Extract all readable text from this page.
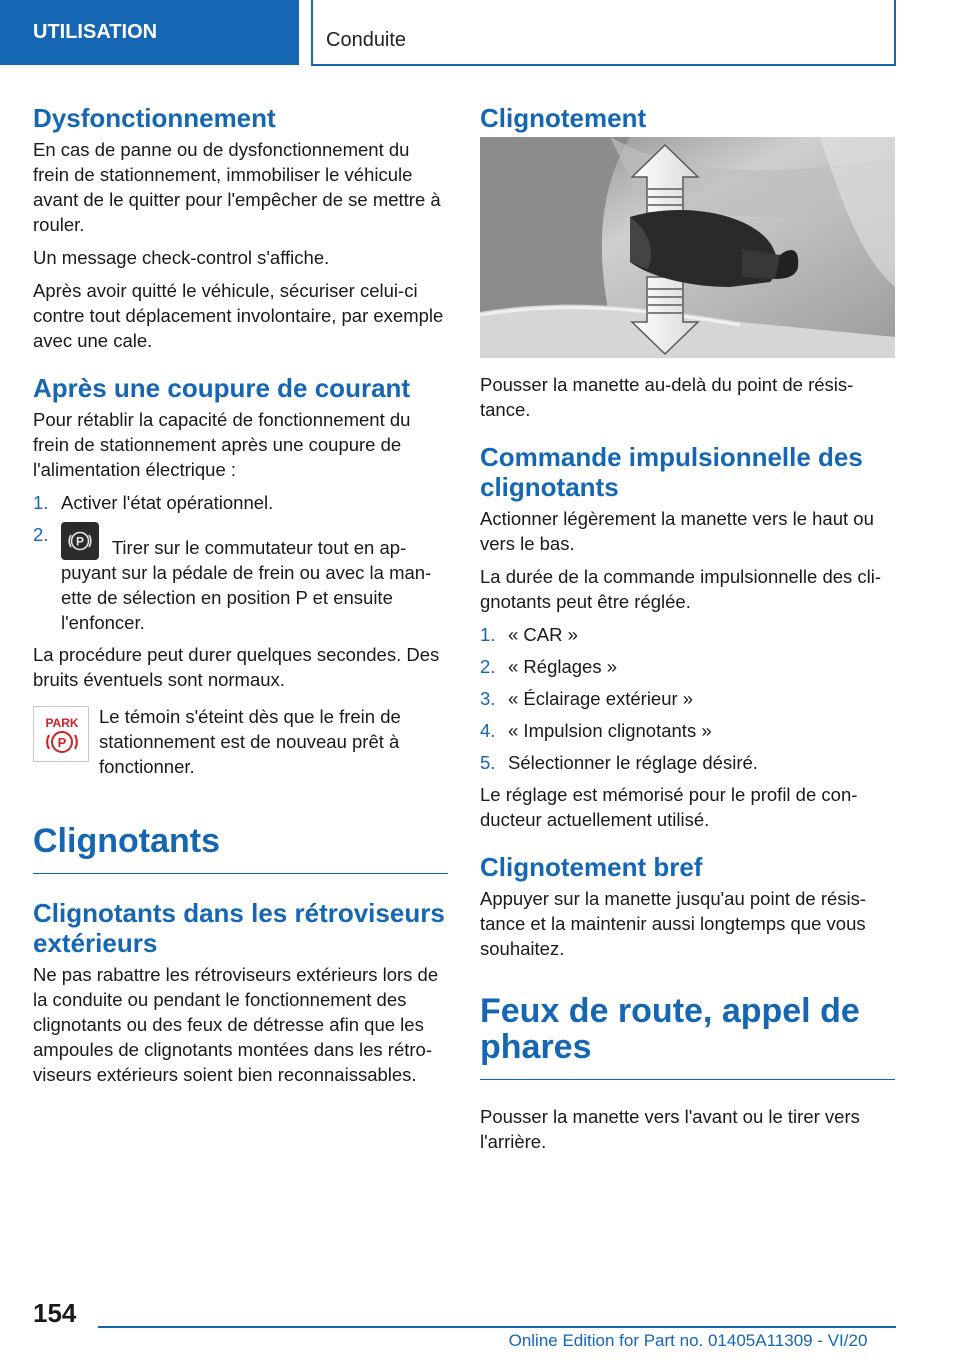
UTILISATION	Conduite
Dysfonctionnement

En cas de panne ou de dysfonctionnement du frein de stationnement, immobiliser le véhicule avant de le quitter pour l'empêcher de se mettre à rouler.

Un message check-control s'affiche.

Après avoir quitté le véhicule, sécuriser celui-ci contre tout déplacement involontaire, par exemple avec une cale.

Après une coupure de courant

Pour rétablir la capacité de fonctionnement du frein de stationnement après une coupure de l'alimentation électrique :

1. Activer l'état opérationnel.
2. P Tirer sur le commutateur tout en appuyant sur la pédale de frein ou avec la manette de sélection en position P et ensuite l'enfoncer.

La procédure peut durer quelques secondes. Des bruits éventuels sont normaux.

PARK
P

Le témoin s'éteint dès que le frein de stationnement est de nouveau prêt à fonctionner.

Clignotants
Clignotants dans les rétroviseurs extérieurs

Ne pas rabattre les rétroviseurs extérieurs lors de la conduite ou pendant le fonctionnement des clignotants ou des feux de détresse afin que les ampoules de clignotants montées dans les rétroviseurs extérieurs soient bien reconnaissables.

Clignotement

Pousser la manette au-delà du point de résistance.

Commande impulsionnelle des clignotants

Actionner légèrement la manette vers le haut ou vers le bas.

La durée de la commande impulsionnelle des clignotants peut être réglée.

1. « CAR »
2. « Réglages »
3. « Éclairage extérieur »
4. « Impulsion clignotants »
5. Sélectionner le réglage désiré.

Le réglage est mémorisé pour le profil de conducteur actuellement utilisé.

Clignotement bref

Appuyer sur la manette jusqu'au point de résistance et la maintenir aussi longtemps que vous souhaitez.

Feux de route, appel de phares

Pousser la manette vers l'avant ou le tirer vers l'arrière.

154
Online Edition for Part no. 01405A11309 - VI/20
